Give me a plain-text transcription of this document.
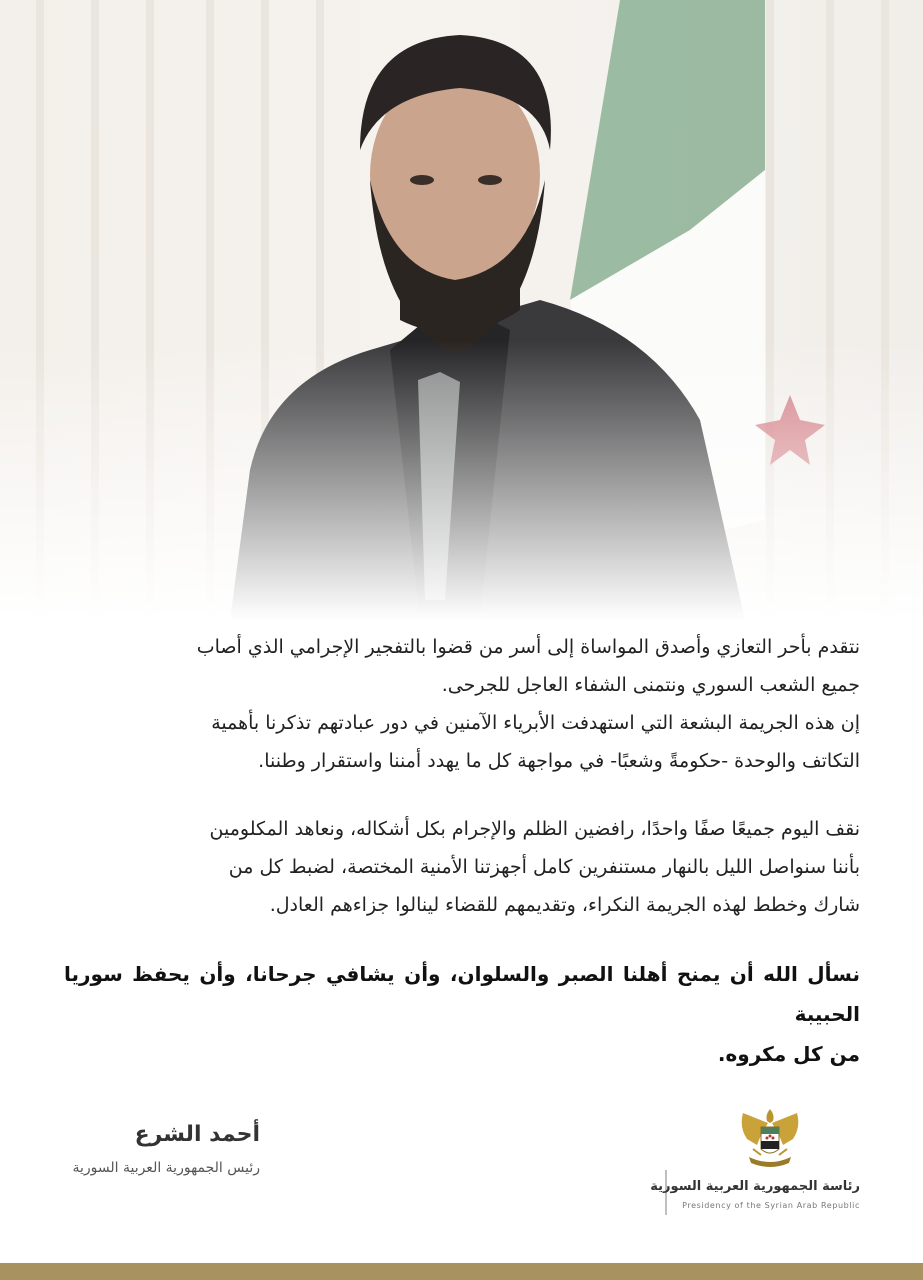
نتقدم بأحر التعازي وأصدق المواساة إلى أسر من قضوا بالتفجير الإجرامي الذي أصاب

جميع الشعب السوري ونتمنى الشفاء العاجل للجرحى.

إن هذه الجريمة البشعة التي استهدفت الأبرياء الآمنين في دور عبادتهم تذكرنا بأهمية

التكاتف والوحدة -حكومةً وشعبًا- في مواجهة كل ما يهدد أمننا واستقرار وطننا.

نقف اليوم جميعًا صفًا واحدًا، رافضين الظلم والإجرام بكل أشكاله، ونعاهد المكلومين

بأننا سنواصل الليل بالنهار مستنفرين كامل أجهزتنا الأمنية المختصة، لضبط كل من

شارك وخطط لهذه الجريمة النكراء، وتقديمهم للقضاء لينالوا جزاءهم العادل.

نسأل الله أن يمنح أهلنا الصبر والسلوان، وأن يشافي جرحانا، وأن يحفظ سوريا الحبيبة

من كل مكروه.

أحمد الشرع
رئيس الجمهورية العربية السورية
رئاسة الجمهورية العربية السورية
Presidency of the Syrian Arab Republic
